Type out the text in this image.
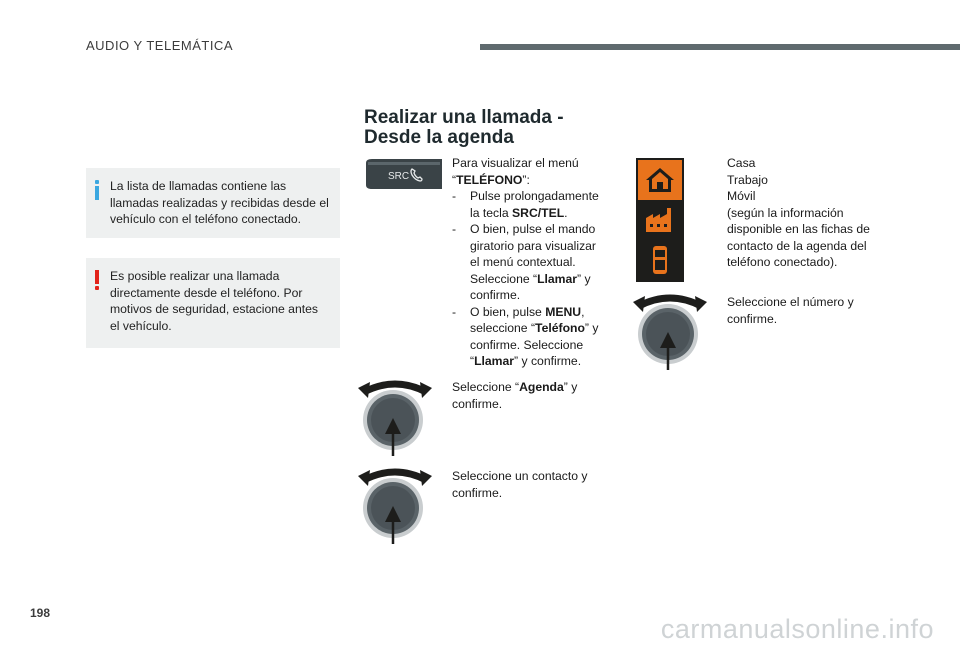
AUDIO Y TELEMÁTICA
La lista de llamadas contiene las llamadas realizadas y recibidas desde el vehículo con el teléfono conectado.
Es posible realizar una llamada directamente desde el teléfono. Por motivos de seguridad, estacione antes el vehículo.
Realizar una llamada -
Desde la agenda
SRC
Para visualizar el menú
“TELÉFONO”:
- Pulse prolongadamente la tecla SRC/TEL.
- O bien, pulse el mando giratorio para visualizar el menú contextual. Seleccione “Llamar” y confirme.
- O bien, pulse MENU, seleccione “Teléfono” y confirme. Seleccione “Llamar” y confirme.
Seleccione “Agenda” y confirme.
Seleccione un contacto y confirme.
Casa
Trabajo
Móvil
(según la información disponible en las fichas de contacto de la agenda del teléfono conectado).
Seleccione el número y confirme.
198
carmanualsonline.info
